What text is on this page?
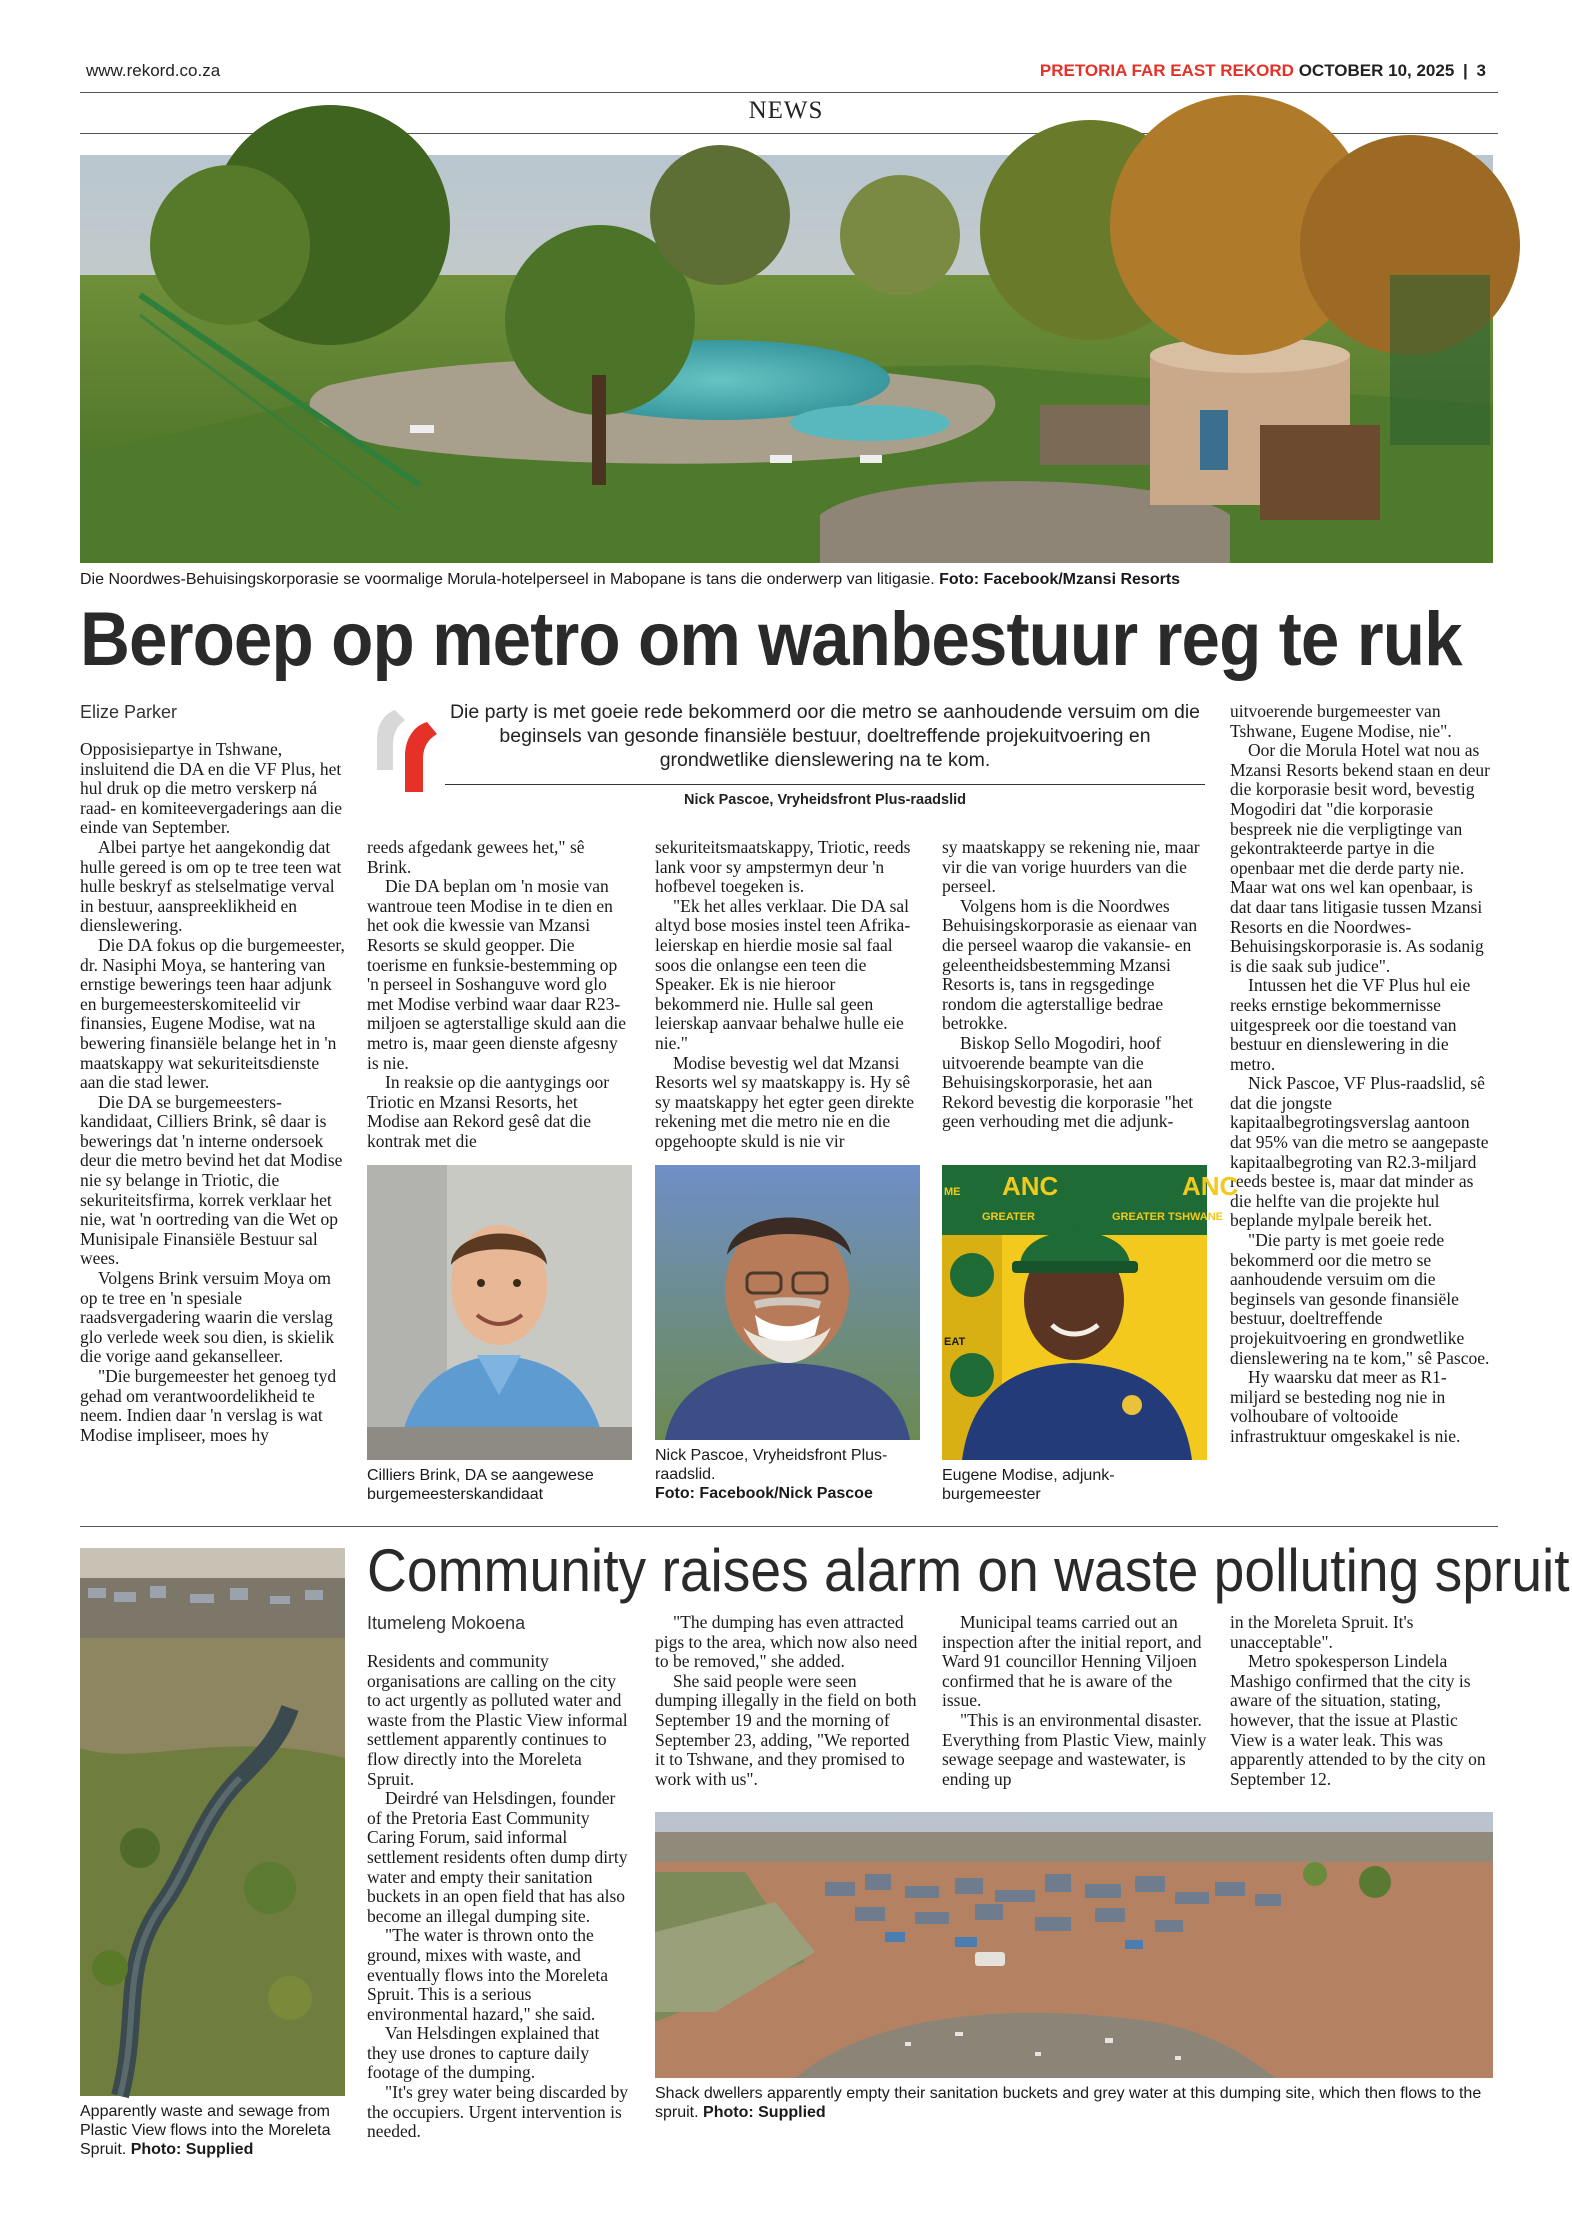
www.rekord.co.za	PRETORIA FAR EAST REKORD OCTOBER 10, 2025 | 3
NEWS
Die Noordwes-Behuisingskorporasie se voormalige Morula-hotelperseel in Mabopane is tans die onderwerp van litigasie. Foto: Facebook/Mzansi Resorts
Beroep op metro om wanbestuur reg te ruk
Elize Parker

Opposisiepartye in Tshwane, insluitend die DA en die VF Plus, het hul druk op die metro verskerp ná raad- en komiteevergaderings aan die einde van September.

Albei partye het aangekondig dat hulle gereed is om op te tree teen wat hulle beskryf as stelselmatige verval in bestuur, aanspreeklikheid en dienslewering.

Die DA fokus op die burgemeester, dr. Nasiphi Moya, se hantering van ernstige bewerings teen haar adjunk en burgemeesterskomiteelid vir finansies, Eugene Modise, wat na bewering finansiële belange het in 'n maatskappy wat sekuriteitsdienste aan die stad lewer.

Die DA se burgemeesters-kandidaat, Cilliers Brink, sê daar is bewerings dat 'n interne ondersoek deur die metro bevind het dat Modise nie sy belange in Triotic, die sekuriteitsfirma, korrek verklaar het nie, wat 'n oortreding van die Wet op Munisipale Finansiële Bestuur sal wees.

Volgens Brink versuim Moya om op te tree en 'n spesiale raadsvergadering waarin die verslag glo verlede week sou dien, is skielik die vorige aand gekanselleer.

"Die burgemeester het genoeg tyd gehad om verantwoordelikheid te neem. Indien daar 'n verslag is wat Modise impliseer, moes hy

Die party is met goeie rede bekommerd oor die metro se aanhoudende versuim om die beginsels van gesonde finansiële bestuur, doeltreffende projekuitvoering en grondwetlike dienslewering na te kom.
Nick Pascoe, Vryheidsfront Plus-raadslid

reeds afgedank gewees het," sê Brink.

Die DA beplan om 'n mosie van wantroue teen Modise in te dien en het ook die kwessie van Mzansi Resorts se skuld geopper. Die toerisme en funksie-bestemming op 'n perseel in Soshanguve word glo met Modise verbind waar daar R23-miljoen se agterstallige skuld aan die metro is, maar geen dienste afgesny is nie.

In reaksie op die aantygings oor Triotic en Mzansi Resorts, het Modise aan Rekord gesê dat die kontrak met die

sekuriteitsmaatskappy, Triotic, reeds lank voor sy ampstermyn deur 'n hofbevel toegeken is.

"Ek het alles verklaar. Die DA sal altyd bose mosies instel teen Afrika-leierskap en hierdie mosie sal faal soos die onlangse een teen die Speaker. Ek is nie hieroor bekommerd nie. Hulle sal geen leierskap aanvaar behalwe hulle eie nie."

Modise bevestig wel dat Mzansi Resorts wel sy maatskappy is. Hy sê sy maatskappy het egter geen direkte rekening met die metro nie en die opgehoopte skuld is nie vir

sy maatskappy se rekening nie, maar vir die van vorige huurders van die perseel.

Volgens hom is die Noordwes Behuisingskorporasie as eienaar van die perseel waarop die vakansie- en geleentheidsbestemming Mzansi Resorts is, tans in regsgedinge rondom die agterstallige bedrae betrokke.

Biskop Sello Mogodiri, hoof uitvoerende beampte van die Behuisingskorporasie, het aan Rekord bevestig die korporasie "het geen verhouding met die adjunk-

uitvoerende burgemeester van Tshwane, Eugene Modise, nie".

Oor die Morula Hotel wat nou as Mzansi Resorts bekend staan en deur die korporasie besit word, bevestig Mogodiri dat "die korporasie bespreek nie die verpligtinge van gekontrakteerde partye in die openbaar met die derde party nie. Maar wat ons wel kan openbaar, is dat daar tans litigasie tussen Mzansi Resorts en die Noordwes-Behuisingskorporasie is. As sodanig is die saak sub judice".

Intussen het die VF Plus hul eie reeks ernstige bekommernisse uitgespreek oor die toestand van bestuur en dienslewering in die metro.

Nick Pascoe, VF Plus-raadslid, sê dat die jongste kapitaalbegrotingsverslag aantoon dat 95% van die metro se aangepaste kapitaalbegroting van R2.3-miljard reeds bestee is, maar dat minder as die helfte van die projekte hul beplande mylpale bereik het.

"Die party is met goeie rede bekommerd oor die metro se aanhoudende versuim om die beginsels van gesonde finansiële bestuur, doeltreffende projekuitvoering en grondwetlike dienslewering na te kom," sê Pascoe.

Hy waarsku dat meer as R1-miljard se besteding nog nie in volhoubare of voltooide infrastruktuur omgeskakel is nie.

Cilliers Brink, DA se aangewese burgemeesterskandidaat
Nick Pascoe, Vryheidsfront Plus-raadslid.
Foto: Facebook/Nick Pascoe
ANC
ANC
GREATER	GREATER TSHWANE
ME
EAT
Eugene Modise, adjunk-burgemeester
Apparently waste and sewage from Plastic View flows into the Moreleta Spruit. Photo: Supplied
Community raises alarm on waste polluting spruit
Itumeleng Mokoena

Residents and community organisations are calling on the city to act urgently as polluted water and waste from the Plastic View informal settlement apparently continues to flow directly into the Moreleta Spruit.

Deirdré van Helsdingen, founder of the Pretoria East Community Caring Forum, said informal settlement residents often dump dirty water and empty their sanitation buckets in an open field that has also become an illegal dumping site.

"The water is thrown onto the ground, mixes with waste, and eventually flows into the Moreleta Spruit. This is a serious environmental hazard," she said.

Van Helsdingen explained that they use drones to capture daily footage of the dumping.

"It's grey water being discarded by the occupiers. Urgent intervention is needed.

"The dumping has even attracted pigs to the area, which now also need to be removed," she added.

She said people were seen dumping illegally in the field on both September 19 and the morning of September 23, adding, "We reported it to Tshwane, and they promised to work with us".

Municipal teams carried out an inspection after the initial report, and Ward 91 councillor Henning Viljoen confirmed that he is aware of the issue.

"This is an environmental disaster. Everything from Plastic View, mainly sewage seepage and wastewater, is ending up

in the Moreleta Spruit. It's unacceptable".

Metro spokesperson Lindela Mashigo confirmed that the city is aware of the situation, stating, however, that the issue at Plastic View is a water leak. This was apparently attended to by the city on September 12.

Shack dwellers apparently empty their sanitation buckets and grey water at this dumping site, which then flows to the spruit. Photo: Supplied
